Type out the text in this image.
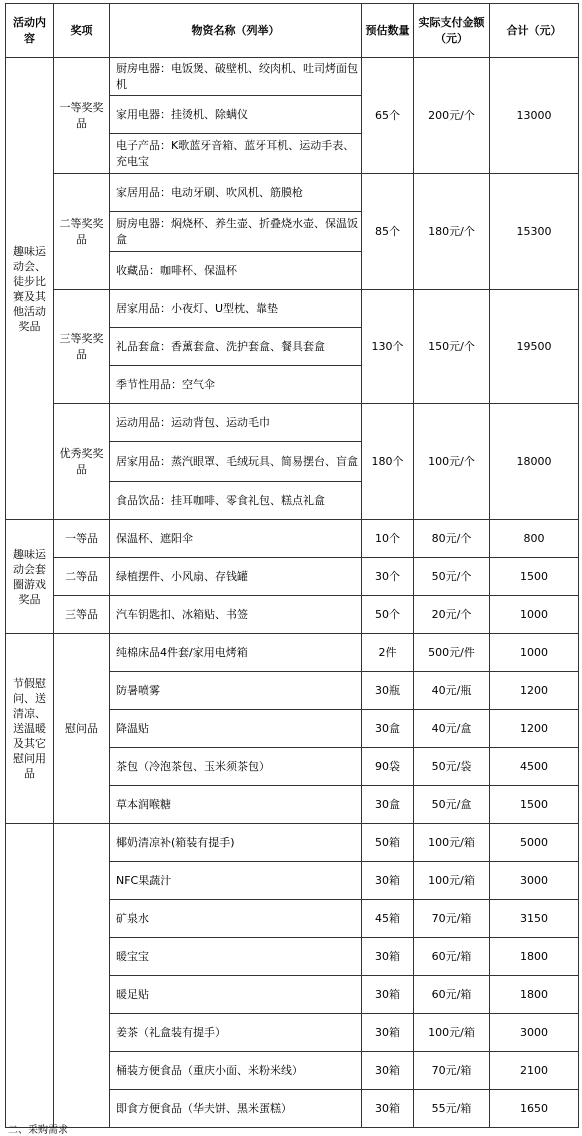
活动内容	奖项	物资名称（列举）	预估数量	实际支付金额（元）	合计（元）
趣味运动会、徒步比赛及其他活动奖品	一等奖奖品	厨房电器：电饭煲、破壁机、绞肉机、吐司烤面包机	65个	200元/个	13000
		家用电器：挂烫机、除螨仪			
		电子产品：K歌蓝牙音箱、蓝牙耳机、运动手表、充电宝			
	二等奖奖品	家居用品：电动牙刷、吹风机、筋膜枪	85个	180元/个	15300
		厨房电器：焖烧杯、养生壶、折叠烧水壶、保温饭盒			
		收藏品：咖啡杯、保温杯			
	三等奖奖品	居家用品：小夜灯、U型枕、靠垫	130个	150元/个	19500
		礼品套盒：香薰套盒、洗护套盒、餐具套盒			
		季节性用品：空气伞			
	优秀奖奖品	运动用品：运动背包、运动毛巾	180个	100元/个	18000
		居家用品：蒸汽眼罩、毛绒玩具、简易摆台、盲盒			
		食品饮品：挂耳咖啡、零食礼包、糕点礼盒			
趣味运动会套圈游戏奖品	一等品	保温杯、遮阳伞	10个	80元/个	800
	二等品	绿植摆件、小风扇、存钱罐	30个	50元/个	1500
	三等品	汽车钥匙扣、冰箱贴、书签	50个	20元/个	1000
节假慰问、送清凉、送温暖及其它慰问用品	慰问品	纯棉床品4件套/家用电烤箱	2件	500元/件	1000
		防暑喷雾	30瓶	40元/瓶	1200
		降温贴	30盒	40元/盒	1200
		茶包（冷泡茶包、玉米须茶包）	90袋	50元/袋	4500
		草本润喉糖	30盒	50元/盒	1500
		椰奶清凉补(箱装有提手)	50箱	100元/箱	5000
		NFC果蔬汁	30箱	100元/箱	3000
		矿泉水	45箱	70元/箱	3150
		暖宝宝	30箱	60元/箱	1800
		暖足贴	30箱	60元/箱	1800
		姜茶（礼盒装有提手）	30箱	100元/箱	3000
		桶装方便食品（重庆小面、米粉米线）	30箱	70元/箱	2100
		即食方便食品（华夫饼、黑米蛋糕）	30箱	55元/箱	1650
二、采购需求
